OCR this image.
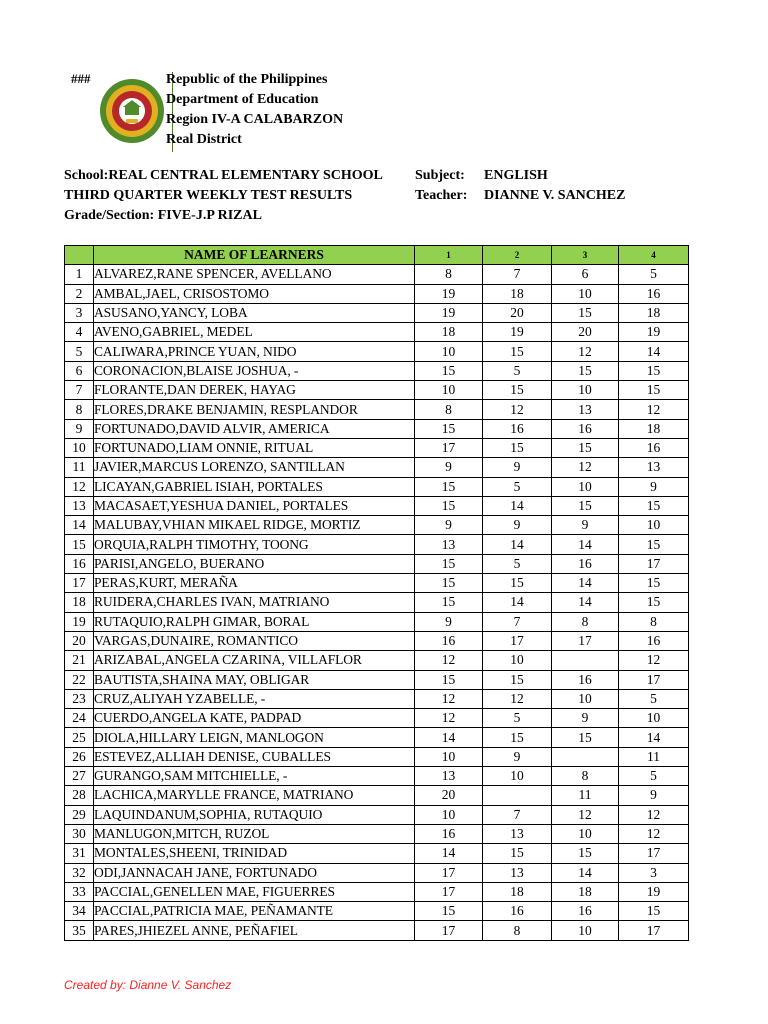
###	Republic of the Philippines
Department of Education
Region IV-A CALABARZON
Real District
School:REAL CENTRAL ELEMENTARY SCHOOL
THIRD QUARTER WEEKLY TEST RESULTS
Grade/Section: FIVE-J.P RIZAL
Subject:
Teacher:
ENGLISH
DIANNE V. SANCHEZ
	NAME OF LEARNERS	1	2	3	4
1	ALVAREZ,RANE SPENCER, AVELLANO	8	7	6	5
2	AMBAL,JAEL, CRISOSTOMO	19	18	10	16
3	ASUSANO,YANCY, LOBA	19	20	15	18
4	AVENO,GABRIEL, MEDEL	18	19	20	19
5	CALIWARA,PRINCE YUAN, NIDO	10	15	12	14
6	CORONACION,BLAISE JOSHUA, -	15	5	15	15
7	FLORANTE,DAN DEREK, HAYAG	10	15	10	15
8	FLORES,DRAKE BENJAMIN, RESPLANDOR	8	12	13	12
9	FORTUNADO,DAVID ALVIR, AMERICA	15	16	16	18
10	FORTUNADO,LIAM ONNIE, RITUAL	17	15	15	16
11	JAVIER,MARCUS LORENZO, SANTILLAN	9	9	12	13
12	LICAYAN,GABRIEL ISIAH, PORTALES	15	5	10	9
13	MACASAET,YESHUA DANIEL, PORTALES	15	14	15	15
14	MALUBAY,VHIAN MIKAEL RIDGE, MORTIZ	9	9	9	10
15	ORQUIA,RALPH TIMOTHY, TOONG	13	14	14	15
16	PARISI,ANGELO, BUERANO	15	5	16	17
17	PERAS,KURT, MERAÑA	15	15	14	15
18	RUIDERA,CHARLES IVAN, MATRIANO	15	14	14	15
19	RUTAQUIO,RALPH GIMAR, BORAL	9	7	8	8
20	VARGAS,DUNAIRE, ROMANTICO	16	17	17	16
21	ARIZABAL,ANGELA CZARINA, VILLAFLOR	12	10		12
22	BAUTISTA,SHAINA MAY, OBLIGAR	15	15	16	17
23	CRUZ,ALIYAH YZABELLE, -	12	12	10	5
24	CUERDO,ANGELA KATE, PADPAD	12	5	9	10
25	DIOLA,HILLARY LEIGN, MANLOGON	14	15	15	14
26	ESTEVEZ,ALLIAH DENISE, CUBALLES	10	9		11
27	GURANGO,SAM MITCHIELLE, -	13	10	8	5
28	LACHICA,MARYLLE FRANCE, MATRIANO	20		11	9
29	LAQUINDANUM,SOPHIA, RUTAQUIO	10	7	12	12
30	MANLUGON,MITCH, RUZOL	16	13	10	12
31	MONTALES,SHEENI, TRINIDAD	14	15	15	17
32	ODI,JANNACAH JANE, FORTUNADO	17	13	14	3
33	PACCIAL,GENELLEN MAE, FIGUERRES	17	18	18	19
34	PACCIAL,PATRICIA MAE, PEÑAMANTE	15	16	16	15
35	PARES,JHIEZEL ANNE, PEÑAFIEL	17	8	10	17
Created by: Dianne V. Sanchez
